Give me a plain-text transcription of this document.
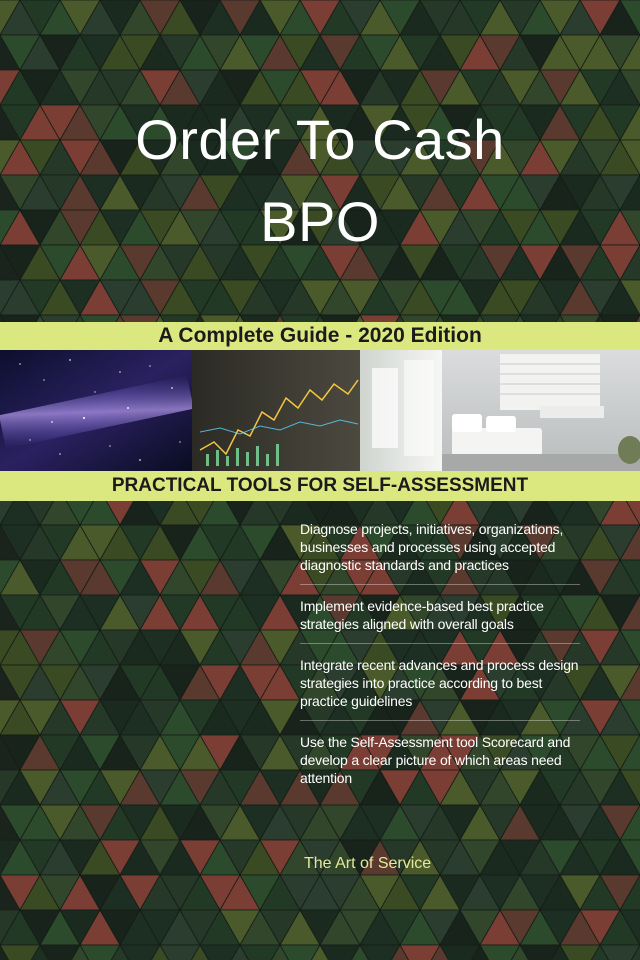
Order To Cash
BPO
A Complete Guide - 2020 Edition
PRACTICAL TOOLS FOR SELF-ASSESSMENT
Diagnose projects, initiatives, organizations, businesses and processes using accepted diagnostic standards and practices
Implement evidence-based best practice strategies aligned with overall goals
Integrate recent advances and process design strategies into practice according to best practice guidelines
Use the Self-Assessment tool Scorecard and develop a clear picture of which areas need attention
The Art of Service
